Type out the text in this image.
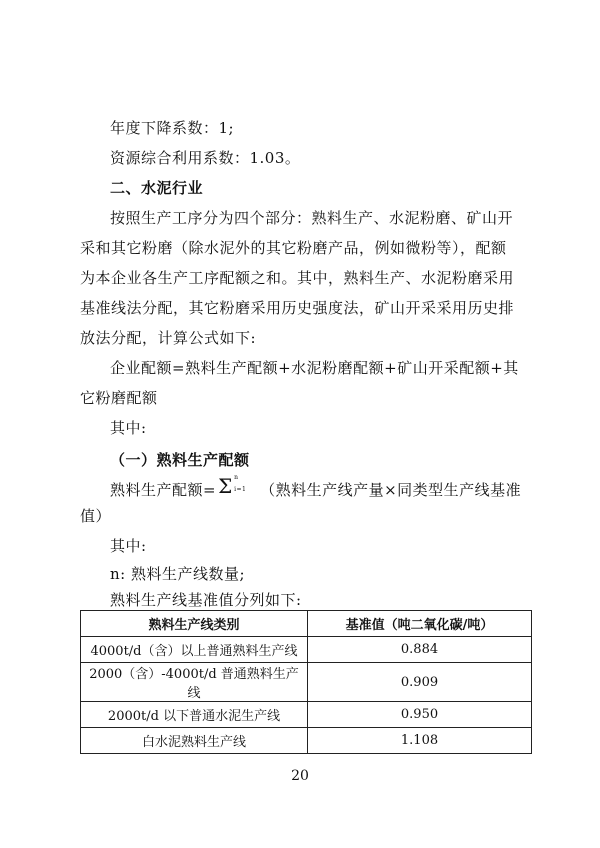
年度下降系数：1;
资源综合利用系数：1.03。
二、水泥行业
按照生产工序分为四个部分：熟料生产、水泥粉磨、矿山开
采和其它粉磨（除水泥外的其它粉磨产品，例如微粉等），配额
为本企业各生产工序配额之和。其中，熟料生产、水泥粉磨采用
基准线法分配，其它粉磨采用历史强度法，矿山开采采用历史排
放法分配，计算公式如下:
企业配额=熟料生产配额+水泥粉磨配额+矿山开采配额+其
它粉磨配额
其中:
（一）熟料生产配额
熟料生产配额= Σ n
i=1 （熟料生产线产量×同类型生产线基准
值）
其中:
n: 熟料生产线数量;
熟料生产线基准值分列如下:
熟料生产线类别	基准值（吨二氧化碳/吨）
4000t/d（含）以上普通熟料生产线	0.884
2000（含）-4000t/d 普通熟料生产线	0.909
2000t/d 以下普通水泥生产线	0.950
白水泥熟料生产线	1.108
20
